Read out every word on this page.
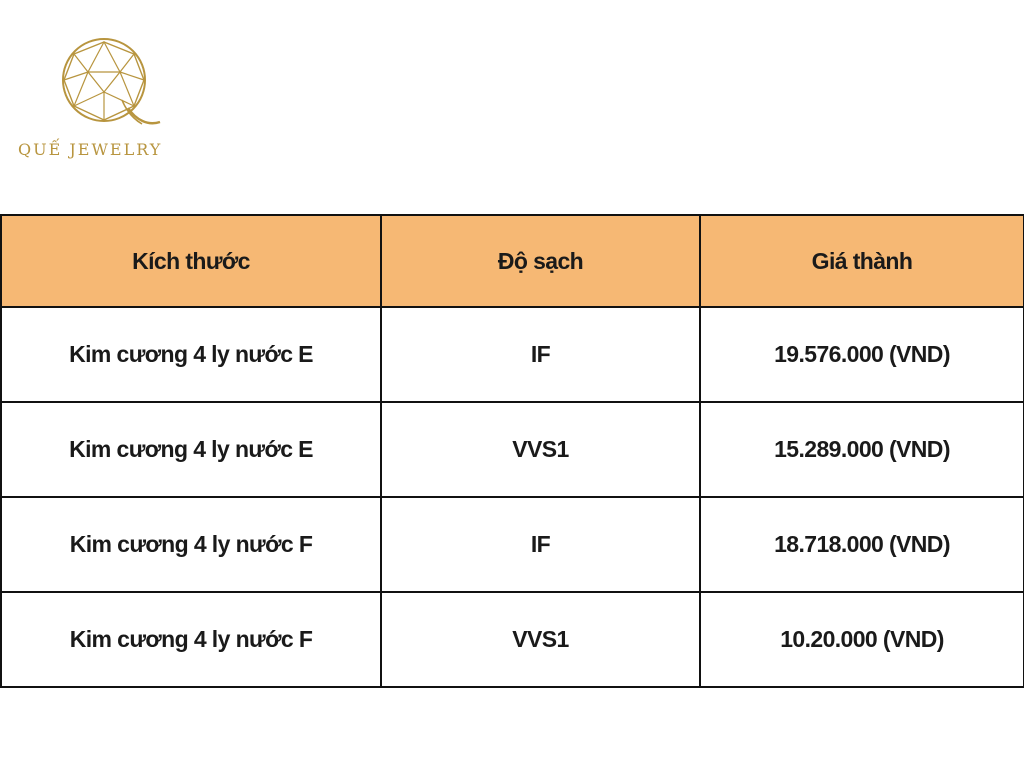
QUẾ JEWELRY
Kích thước	Độ sạch	Giá thành
Kim cương 4 ly nước E	IF	19.576.000 (VND)
Kim cương 4 ly nước E	VVS1	15.289.000 (VND)
Kim cương 4 ly nước F	IF	18.718.000 (VND)
Kim cương 4 ly nước F	VVS1	10.20.000 (VND)
